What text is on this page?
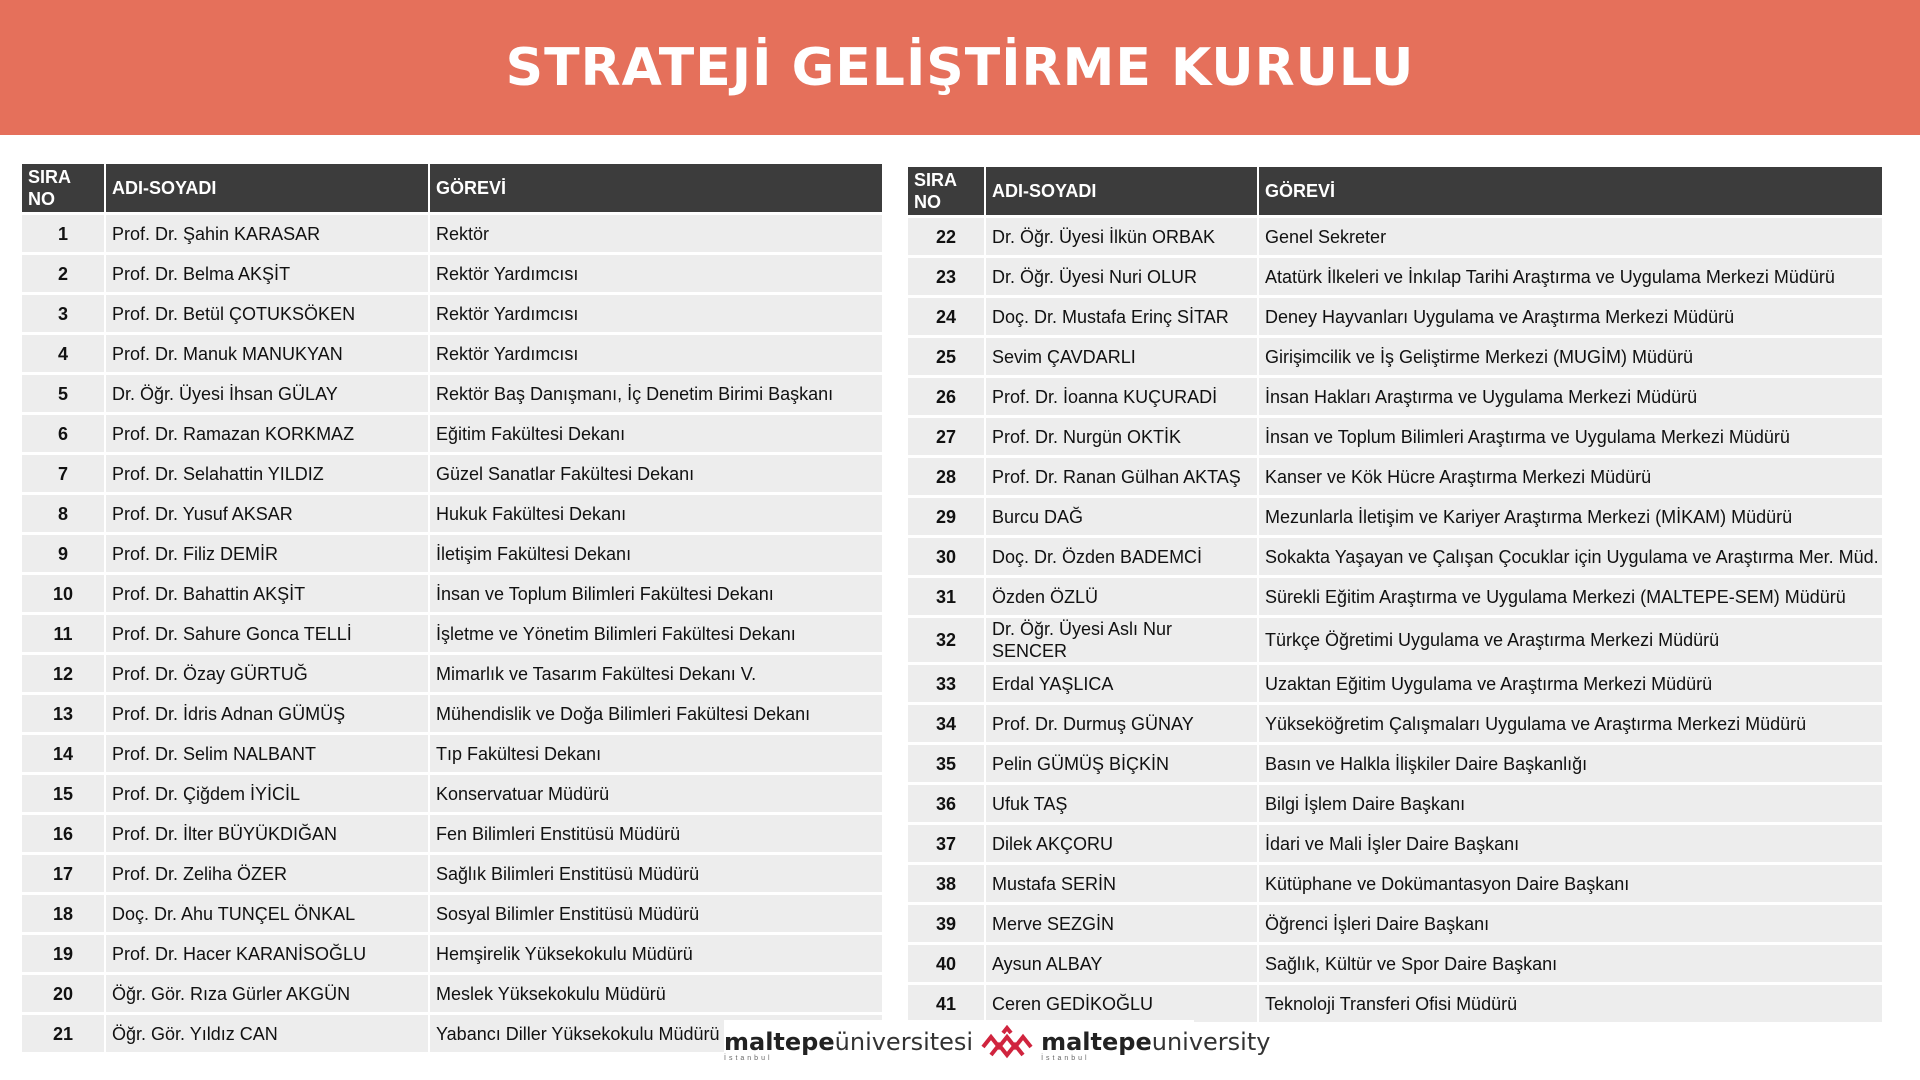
STRATEJİ GELİŞTİRME KURULU
SIRA
NO	ADI-SOYADI	GÖREVİ
1	Prof. Dr. Şahin KARASAR	Rektör
2	Prof. Dr. Belma AKŞİT	Rektör Yardımcısı
3	Prof. Dr. Betül ÇOTUKSÖKEN	Rektör Yardımcısı
4	Prof. Dr. Manuk MANUKYAN	Rektör Yardımcısı
5	Dr. Öğr. Üyesi İhsan GÜLAY	Rektör Baş Danışmanı, İç Denetim Birimi Başkanı
6	Prof. Dr. Ramazan KORKMAZ	Eğitim Fakültesi Dekanı
7	Prof. Dr. Selahattin YILDIZ	Güzel Sanatlar Fakültesi Dekanı
8	Prof. Dr. Yusuf AKSAR	Hukuk Fakültesi Dekanı
9	Prof. Dr. Filiz DEMİR	İletişim Fakültesi Dekanı
10	Prof. Dr. Bahattin AKŞİT	İnsan ve Toplum Bilimleri Fakültesi Dekanı
11	Prof. Dr. Sahure Gonca TELLİ	İşletme ve Yönetim Bilimleri Fakültesi Dekanı
12	Prof. Dr. Özay GÜRTUĞ	Mimarlık ve Tasarım Fakültesi Dekanı V.
13	Prof. Dr. İdris Adnan GÜMÜŞ	Mühendislik ve Doğa Bilimleri Fakültesi Dekanı
14	Prof. Dr. Selim NALBANT	Tıp Fakültesi Dekanı
15	Prof. Dr. Çiğdem İYİCİL	Konservatuar Müdürü
16	Prof. Dr. İlter BÜYÜKDIĞAN	Fen Bilimleri Enstitüsü Müdürü
17	Prof. Dr. Zeliha ÖZER	Sağlık Bilimleri Enstitüsü Müdürü
18	Doç. Dr. Ahu TUNÇEL ÖNKAL	Sosyal Bilimler Enstitüsü Müdürü
19	Prof. Dr. Hacer KARANİSOĞLU	Hemşirelik Yüksekokulu Müdürü
20	Öğr. Gör. Rıza Gürler AKGÜN	Meslek Yüksekokulu Müdürü
21	Öğr. Gör. Yıldız CAN	Yabancı Diller Yüksekokulu Müdürü
SIRA
NO	ADI-SOYADI	GÖREVİ
22	Dr. Öğr. Üyesi İlkün ORBAK	Genel Sekreter
23	Dr. Öğr. Üyesi Nuri OLUR	Atatürk İlkeleri ve İnkılap Tarihi Araştırma ve Uygulama Merkezi Müdürü
24	Doç. Dr. Mustafa Erinç SİTAR	Deney Hayvanları Uygulama ve Araştırma Merkezi Müdürü
25	Sevim ÇAVDARLI	Girişimcilik ve İş Geliştirme Merkezi (MUGİM) Müdürü
26	Prof. Dr. İoanna KUÇURADİ	İnsan Hakları Araştırma ve Uygulama Merkezi Müdürü
27	Prof. Dr. Nurgün OKTİK	İnsan ve Toplum Bilimleri Araştırma ve Uygulama Merkezi Müdürü
28	Prof. Dr. Ranan Gülhan AKTAŞ	Kanser ve Kök Hücre Araştırma Merkezi Müdürü
29	Burcu DAĞ	Mezunlarla İletişim ve Kariyer Araştırma Merkezi (MİKAM) Müdürü
30	Doç. Dr. Özden BADEMCİ	Sokakta Yaşayan ve Çalışan Çocuklar için Uygulama ve Araştırma Mer. Müd.
31	Özden ÖZLÜ	Sürekli Eğitim Araştırma ve Uygulama Merkezi (MALTEPE-SEM) Müdürü
32	Dr. Öğr. Üyesi Aslı Nur SENCER	Türkçe Öğretimi Uygulama ve Araştırma Merkezi Müdürü
33	Erdal YAŞLICA	Uzaktan Eğitim Uygulama ve Araştırma Merkezi Müdürü
34	Prof. Dr. Durmuş GÜNAY	Yükseköğretim Çalışmaları Uygulama ve Araştırma Merkezi Müdürü
35	Pelin GÜMÜŞ BİÇKİN	Basın ve Halkla İlişkiler Daire Başkanlığı
36	Ufuk TAŞ	Bilgi İşlem Daire Başkanı
37	Dilek AKÇORU	İdari ve Mali İşler Daire Başkanı
38	Mustafa SERİN	Kütüphane ve Dokümantasyon Daire Başkanı
39	Merve SEZGİN	Öğrenci İşleri Daire Başkanı
40	Aysun ALBAY	Sağlık, Kültür ve Spor Daire Başkanı
41	Ceren GEDİKOĞLU	Teknoloji Transferi Ofisi Müdürü
maltepeüniversitesi
İstanbul
maltepeuniversity
İstanbul
